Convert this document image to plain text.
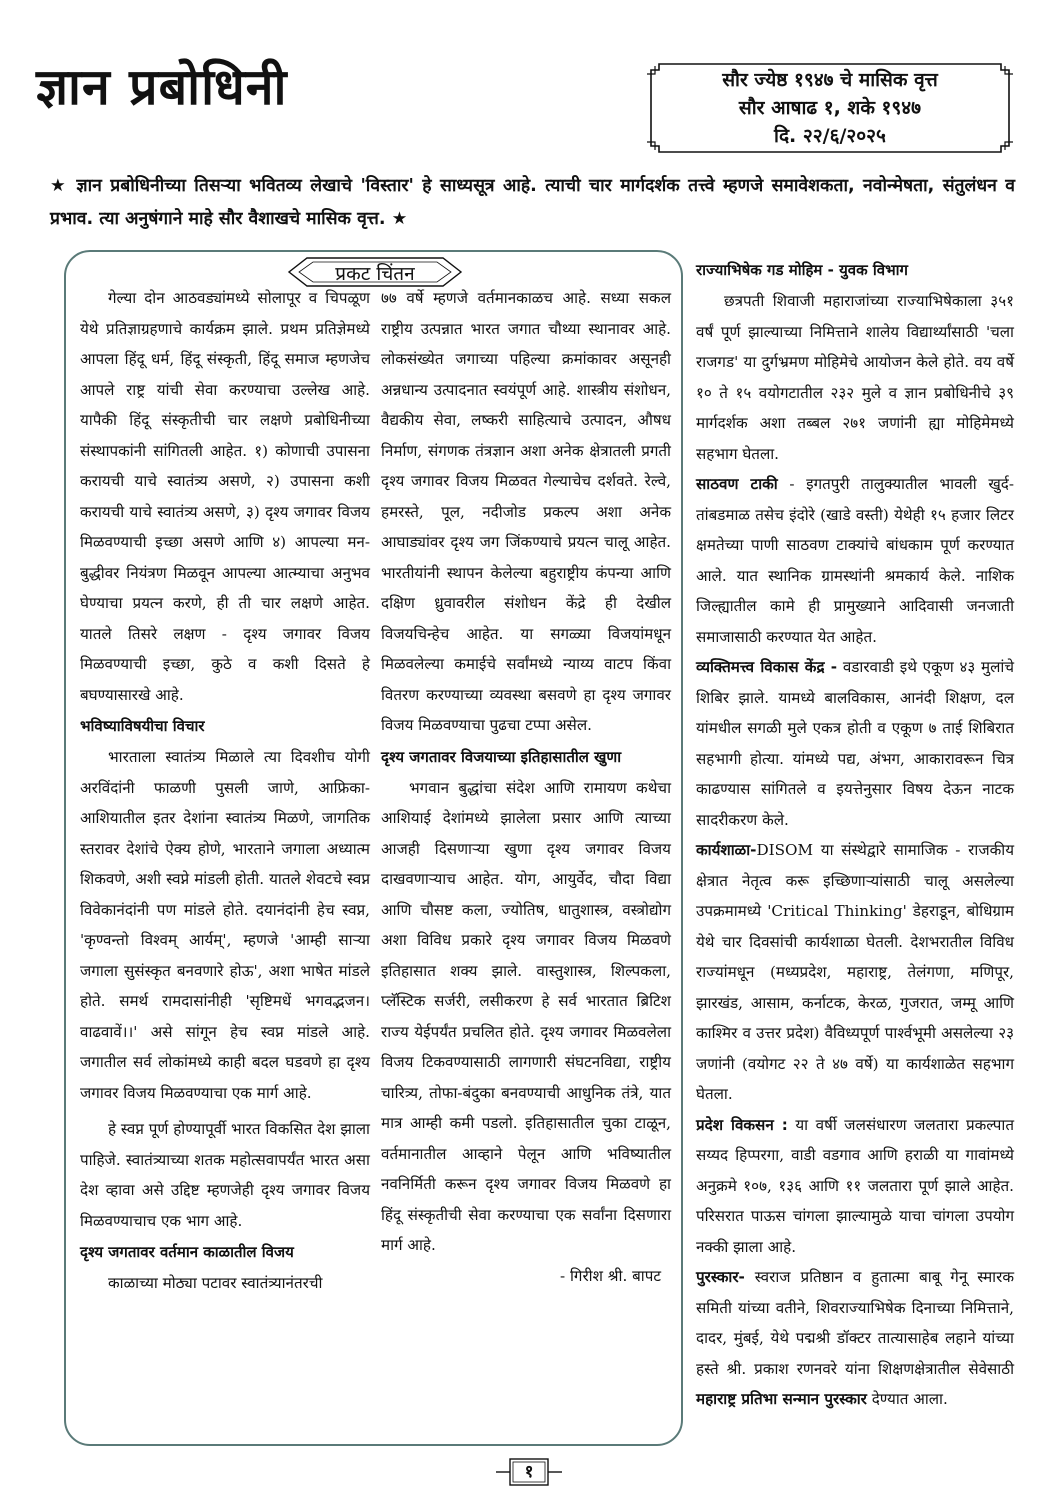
ज्ञान प्रबोधिनी	सौर ज्येष्ठ १९४७ चे मासिक वृत्त
सौर आषाढ १, शके १९४७
दि. २२/६/२०२५
★ ज्ञान प्रबोधिनीच्या तिसऱ्या भवितव्य लेखाचे 'विस्तार' हे साध्यसूत्र आहे. त्याची चार मार्गदर्शक तत्त्वे म्हणजे समावेशकता, नवोन्मेषता, संतुलंधन व प्रभाव. त्या अनुषंगाने माहे सौर वैशाखचे मासिक वृत्त. ★
प्रकट चिंतन

गेल्या दोन आठवड्यांमध्ये सोलापूर व चिपळूण येथे प्रतिज्ञाग्रहणाचे कार्यक्रम झाले. प्रथम प्रतिज्ञेमध्ये आपला हिंदू धर्म, हिंदू संस्कृती, हिंदू समाज म्हणजेच आपले राष्ट्र यांची सेवा करण्याचा उल्लेख आहे. यापैकी हिंदू संस्कृतीची चार लक्षणे प्रबोधिनीच्या संस्थापकांनी सांगितली आहेत. १) कोणाची उपासना करायची याचे स्वातंत्र्य असणे, २) उपासना कशी करायची याचे स्वातंत्र्य असणे, ३) दृश्य जगावर विजय मिळवण्याची इच्छा असणे आणि ४) आपल्या मन-बुद्धीवर नियंत्रण मिळवून आपल्या आत्म्याचा अनुभव घेण्याचा प्रयत्न करणे, ही ती चार लक्षणे आहेत. यातले तिसरे लक्षण - दृश्य जगावर विजय मिळवण्याची इच्छा, कुठे व कशी दिसते हे बघण्यासारखे आहे.

भविष्याविषयीचा विचार

भारताला स्वातंत्र्य मिळाले त्या दिवशीच योगी अरविंदांनी फाळणी पुसली जाणे, आफ्रिका-आशियातील इतर देशांना स्वातंत्र्य मिळणे, जागतिक स्तरावर देशांचे ऐक्य होणे, भारताने जगाला अध्यात्म शिकवणे, अशी स्वप्ने मांडली होती. यातले शेवटचे स्वप्न विवेकानंदांनी पण मांडले होते. दयानंदांनी हेच स्वप्न, 'कृण्वन्तो विश्वम् आर्यम्', म्हणजे 'आम्ही साऱ्या जगाला सुसंस्कृत बनवणारे होऊ', अशा भाषेत मांडले होते. समर्थ रामदासांनीही 'सृष्टिमधें भगवद्भजन। वाढवावें।।' असे सांगून हेच स्वप्न मांडले आहे. जगातील सर्व लोकांमध्ये काही बदल घडवणे हा दृश्य जगावर विजय मिळवण्याचा एक मार्ग आहे.

हे स्वप्न पूर्ण होण्यापूर्वी भारत विकसित देश झाला पाहिजे. स्वातंत्र्याच्या शतक महोत्सवापर्यंत भारत असा देश व्हावा असे उद्दिष्ट म्हणजेही दृश्य जगावर विजय मिळवण्याचाच एक भाग आहे.

दृश्य जगतावर वर्तमान काळातील विजय

काळाच्या मोठ्या पटावर स्वातंत्र्यानंतरची

७७ वर्षे म्हणजे वर्तमानकाळच आहे. सध्या सकल राष्ट्रीय उत्पन्नात भारत जगात चौथ्या स्थानावर आहे. लोकसंख्येत जगाच्या पहिल्या क्रमांकावर असूनही अन्नधान्य उत्पादनात स्वयंपूर्ण आहे. शास्त्रीय संशोधन, वैद्यकीय सेवा, लष्करी साहित्याचे उत्पादन, औषध निर्माण, संगणक तंत्रज्ञान अशा अनेक क्षेत्रातली प्रगती दृश्य जगावर विजय मिळवत गेल्याचेच दर्शवते. रेल्वे, हमरस्ते, पूल, नदीजोड प्रकल्प अशा अनेक आघाड्यांवर दृश्य जग जिंकण्याचे प्रयत्न चालू आहेत. भारतीयांनी स्थापन केलेल्या बहुराष्ट्रीय कंपन्या आणि दक्षिण ध्रुवावरील संशोधन केंद्रे ही देखील विजयचिन्हेच आहेत. या सगळ्या विजयांमधून मिळवलेल्या कमाईचे सर्वांमध्ये न्याय्य वाटप किंवा वितरण करण्याच्या व्यवस्था बसवणे हा दृश्य जगावर विजय मिळवण्याचा पुढचा टप्पा असेल.

दृश्य जगतावर विजयाच्या इतिहासातील खुणा

भगवान बुद्धांचा संदेश आणि रामायण कथेचा आशियाई देशांमध्ये झालेला प्रसार आणि त्याच्या आजही दिसणाऱ्या खुणा दृश्य जगावर विजय दाखवणाऱ्याच आहेत. योग, आयुर्वेद, चौदा विद्या आणि चौसष्ट कला, ज्योतिष, धातुशास्त्र, वस्त्रोद्योग अशा विविध प्रकारे दृश्य जगावर विजय मिळवणे इतिहासात शक्य झाले. वास्तुशास्त्र, शिल्पकला, प्लॅस्टिक सर्जरी, लसीकरण हे सर्व भारतात ब्रिटिश राज्य येईपर्यंत प्रचलित होते. दृश्य जगावर मिळवलेला विजय टिकवण्यासाठी लागणारी संघटनविद्या, राष्ट्रीय चारित्र्य, तोफा-बंदुका बनवण्याची आधुनिक तंत्रे, यात मात्र आम्ही कमी पडलो. इतिहासातील चुका टाळून, वर्तमानातील आव्हाने पेलून आणि भविष्यातील नवनिर्मिती करून दृश्य जगावर विजय मिळवणे हा हिंदू संस्कृतीची सेवा करण्याचा एक सर्वांना दिसणारा मार्ग आहे.

- गिरीश श्री. बापट

राज्याभिषेक गड मोहिम - युवक विभाग

छत्रपती शिवाजी महाराजांच्या राज्याभिषेकाला ३५१ वर्षं पूर्ण झाल्याच्या निमित्ताने शालेय विद्यार्थ्यांसाठी 'चला राजगड' या दुर्गभ्रमण मोहिमेचे आयोजन केले होते. वय वर्षे १० ते १५ वयोगटातील २३२ मुले व ज्ञान प्रबोधिनीचे ३९ मार्गदर्शक अशा तब्बल २७१ जणांनी ह्या मोहिमेमध्ये सहभाग घेतला.

साठवण टाकी - इगतपुरी तालुक्यातील भावली खुर्द-तांबडमाळ तसेच इंदोरे (खाडे वस्ती) येथेही १५ हजार लिटर क्षमतेच्या पाणी साठवण टाक्यांचे बांधकाम पूर्ण करण्यात आले. यात स्थानिक ग्रामस्थांनी श्रमकार्य केले. नाशिक जिल्ह्यातील कामे ही प्रामुख्याने आदिवासी जनजाती समाजासाठी करण्यात येत आहेत.

व्यक्तिमत्त्व विकास केंद्र - वडारवाडी इथे एकूण ४३ मुलांचे शिबिर झाले. यामध्ये बालविकास, आनंदी शिक्षण, दल यांमधील सगळी मुले एकत्र होती व एकूण ७ ताई शिबिरात सहभागी होत्या. यांमध्ये पद्य, अंभग, आकारावरून चित्र काढण्यास सांगितले व इयत्तेनुसार विषय देऊन नाटक सादरीकरण केले.

कार्यशाळा-DISOM या संस्थेद्वारे सामाजिक - राजकीय क्षेत्रात नेतृत्व करू इच्छिणाऱ्यांसाठी चालू असलेल्या उपक्रमामध्ये 'Critical Thinking' डेहराडून, बोधिग्राम येथे चार दिवसांची कार्यशाळा घेतली. देशभरातील विविध राज्यांमधून (मध्यप्रदेश, महाराष्ट्र, तेलंगणा, मणिपूर, झारखंड, आसाम, कर्नाटक, केरळ, गुजरात, जम्मू आणि काश्मिर व उत्तर प्रदेश) वैविध्यपूर्ण पार्श्वभूमी असलेल्या २३ जणांनी (वयोगट २२ ते ४७ वर्षे) या कार्यशाळेत सहभाग घेतला.

प्रदेश विकसन : या वर्षी जलसंधारण जलतारा प्रकल्पात सय्यद हिप्परगा, वाडी वडगाव आणि हराळी या गावांमध्ये अनुक्रमे १०७, १३६ आणि ११ जलतारा पूर्ण झाले आहेत. परिसरात पाऊस चांगला झाल्यामुळे याचा चांगला उपयोग नक्की झाला आहे.

पुरस्कार- स्वराज प्रतिष्ठान व हुतात्मा बाबू गेनू स्मारक समिती यांच्या वतीने, शिवराज्याभिषेक दिनाच्या निमित्ताने, दादर, मुंबई, येथे पद्मश्री डॉक्टर तात्यासाहेब लहाने यांच्या हस्ते श्री. प्रकाश रणनवरे यांना शिक्षणक्षेत्रातील सेवेसाठी महाराष्ट्र प्रतिभा सन्मान पुरस्कार देण्यात आला.

१
